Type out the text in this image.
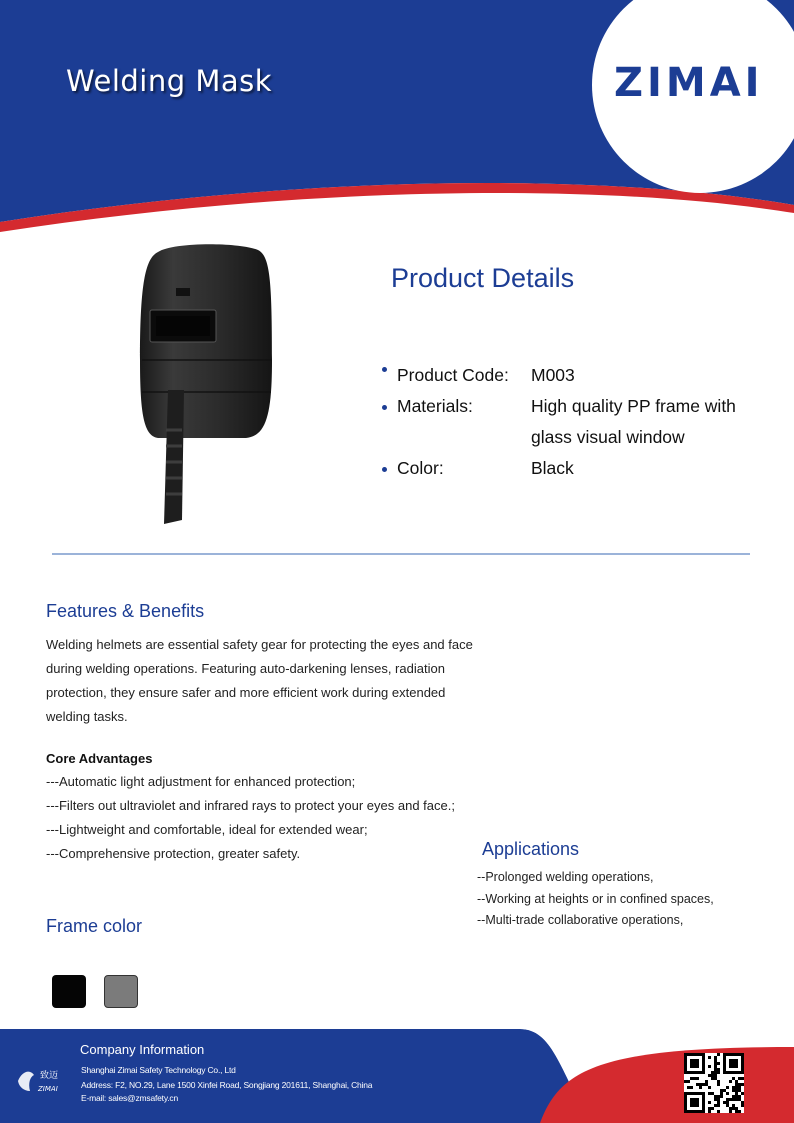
Welding Mask	ZIMAI
Product Details
Product Code:	M003
Materials:	High quality PP frame with glass visual window
Color:	Black
Features & Benefits
Welding helmets are essential safety gear for protecting the eyes and face during welding operations. Featuring auto-darkening lenses, radiation protection, they ensure safer and more efficient work during extended welding tasks.
Core Advantages
---Automatic light adjustment for enhanced protection;
---Filters out ultraviolet and infrared rays to protect your eyes and face.;
---Lightweight and comfortable, ideal for extended wear;
---Comprehensive protection, greater safety.	Applications
--Prolonged welding operations,
--Working at heights or in confined spaces,
--Multi-trade collaborative operations,
Frame color
Company Information
致迈
ZIMAI
Shanghai Zimai Safety Technology Co., Ltd
Address: F2, NO.29, Lane 1500 Xinfei Road, Songjiang 201611, Shanghai, China
E-mail: sales@zmsafety.cn
